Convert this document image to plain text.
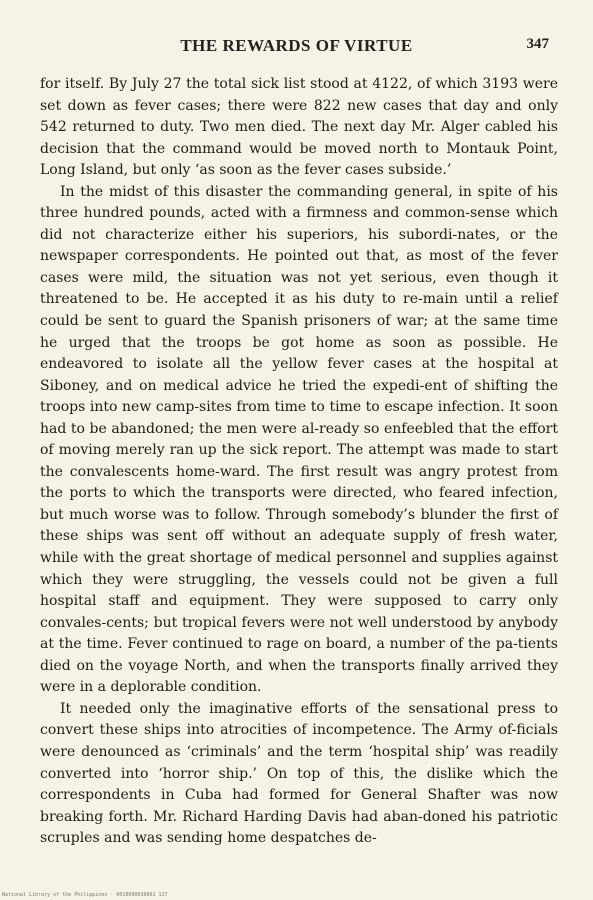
THE REWARDS OF VIRTUE	347

for itself. By July 27 the total sick list stood at 4122, of which 3193 were set down as fever cases; there were 822 new cases that day and only 542 returned to duty. Two men died. The next day Mr. Alger cabled his decision that the command would be moved north to Montauk Point, Long Island, but only ‘as soon as the fever cases subside.’

In the midst of this disaster the commanding general, in spite of his three hundred pounds, acted with a firmness and common-sense which did not characterize either his superiors, his subordi-nates, or the newspaper correspondents. He pointed out that, as most of the fever cases were mild, the situation was not yet serious, even though it threatened to be. He accepted it as his duty to re-main until a relief could be sent to guard the Spanish prisoners of war; at the same time he urged that the troops be got home as soon as possible. He endeavored to isolate all the yellow fever cases at the hospital at Siboney, and on medical advice he tried the expedi-ent of shifting the troops into new camp-sites from time to time to escape infection. It soon had to be abandoned; the men were al-ready so enfeebled that the effort of moving merely ran up the sick report. The attempt was made to start the convalescents home-ward. The first result was angry protest from the ports to which the transports were directed, who feared infection, but much worse was to follow. Through somebody’s blunder the first of these ships was sent off without an adequate supply of fresh water, while with the great shortage of medical personnel and supplies against which they were struggling, the vessels could not be given a full hospital staff and equipment. They were supposed to carry only convales-cents; but tropical fevers were not well understood by anybody at the time. Fever continued to rage on board, a number of the pa-tients died on the voyage North, and when the transports finally arrived they were in a deplorable condition.

It needed only the imaginative efforts of the sensational press to convert these ships into atrocities of incompetence. The Army of-ficials were denounced as ‘criminals’ and the term ‘hospital ship’ was readily converted into ‘horror ship.’ On top of this, the dislike which the correspondents in Cuba had formed for General Shafter was now breaking forth. Mr. Richard Harding Davis had aban-doned his patriotic scruples and was sending home despatches de-

National Library of the Philippines · 0010000036001 117
